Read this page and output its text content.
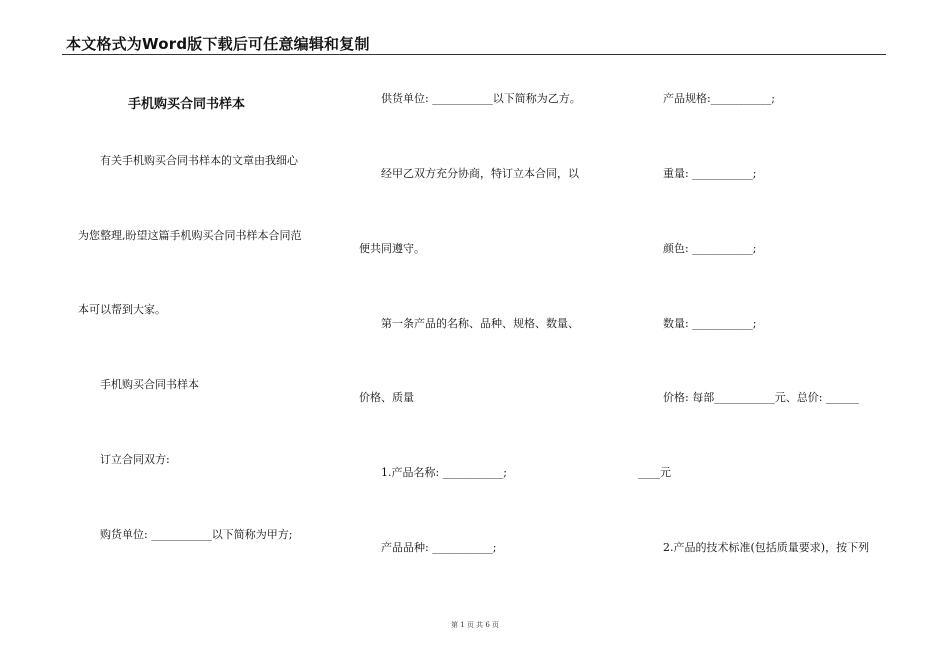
本文格式为Word版下载后可任意编辑和复制
手机购买合同书样本
有关手机购买合同书样本的文章由我细心
为您整理,盼望这篇手机购买合同书样本合同范
本可以帮到大家。
手机购买合同书样本
订立合同双方:
购货单位: ___________以下简称为甲方;
供货单位: ___________以下简称为乙方。
经甲乙双方充分协商，特订立本合同，以
便共同遵守。
第一条产品的名称、品种、规格、数量、
价格、质量
1.产品名称: ___________;
产品品种: ___________;
产品规格:___________;
重量: ___________;
颜色: ___________;
数量: ___________;
价格: 每部___________元、总价: ______
____元
2.产品的技术标准(包括质量要求)，按下列
第 1 页 共 6 页
